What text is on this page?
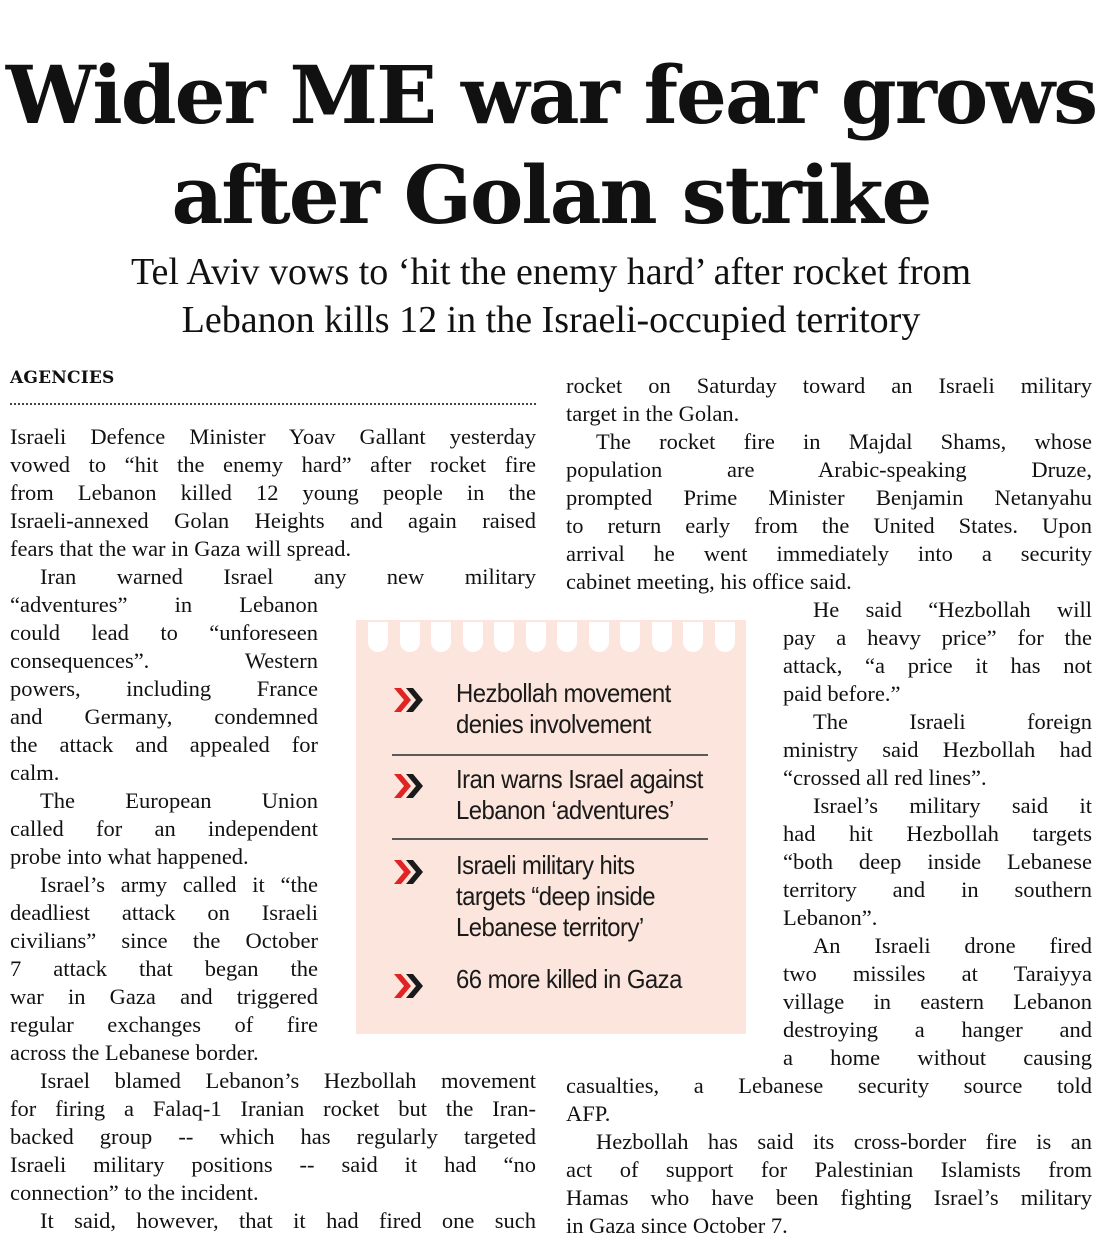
Wider ME war fear grows
after Golan strike
Tel Aviv vows to ‘hit the enemy hard’ after rocket from
Lebanon kills 12 in the Israeli-occupied territory
AGENCIES
Israeli Defence Minister Yoav Gallant yesterday
vowed to “hit the enemy hard” after rocket fire
from Lebanon killed 12 young people in the
Israeli-annexed Golan Heights and again raised
fears that the war in Gaza will spread.
Iran warned Israel any new military
“adventures” in Lebanon
could lead to “unforeseen
consequences”. Western
powers, including France
and Germany, condemned
the attack and appealed for
calm.
The European Union
called for an independent
probe into what happened.
Israel’s army called it “the
deadliest attack on Israeli
civilians” since the October
7 attack that began the
war in Gaza and triggered
regular exchanges of fire
across the Lebanese border.
Israel blamed Lebanon’s Hezbollah movement
for firing a Falaq-1 Iranian rocket but the Iran-
backed group -- which has regularly targeted
Israeli military positions -- said it had “no
connection” to the incident.
It said, however, that it had fired one such
rocket on Saturday toward an Israeli military
target in the Golan.
The rocket fire in Majdal Shams, whose
population are Arabic-speaking Druze,
prompted Prime Minister Benjamin Netanyahu
to return early from the United States. Upon
arrival he went immediately into a security
cabinet meeting, his office said.
He said “Hezbollah will
pay a heavy price” for the
attack, “a price it has not
paid before.”
The Israeli foreign
ministry said Hezbollah had
“crossed all red lines”.
Israel’s military said it
had hit Hezbollah targets
“both deep inside Lebanese
territory and in southern
Lebanon”.
An Israeli drone fired
two missiles at Taraiyya
village in eastern Lebanon
destroying a hanger and
a home without causing
casualties, a Lebanese security source told
AFP.
Hezbollah has said its cross-border fire is an
act of support for Palestinian Islamists from
Hamas who have been fighting Israel’s military
in Gaza since October 7.
Hezbollah movement
denies involvement
Iran warns Israel against
Lebanon ‘adventures’
Israeli military hits
targets “deep inside
Lebanese territory’
66 more killed in Gaza
